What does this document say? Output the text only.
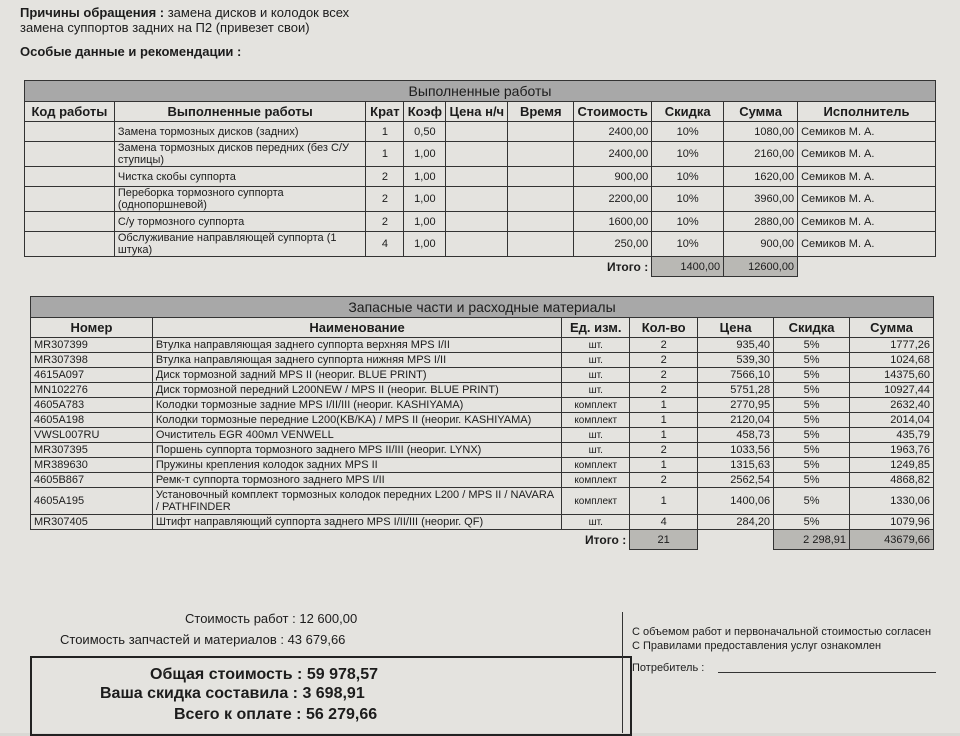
Причины обращения : замена дисков и колодок всех
замена суппортов задних на П2 (привезет свои)
Особые данные и рекомендации :
Выполненные работы									
Код работы	Выполненные работы	Крат	Коэф	Цена н/ч	Время	Стоимость	Скидка	Сумма	Исполнитель
	Замена тормозных дисков (задних)	1	0,50			2400,00	10%	1080,00	Семиков М. А.
	Замена тормозных дисков передних (без С/У ступицы)	1	1,00			2400,00	10%	2160,00	Семиков М. А.
	Чистка скобы суппорта	2	1,00			900,00	10%	1620,00	Семиков М. А.
	Переборка тормозного суппорта (однопоршневой)	2	1,00			2200,00	10%	3960,00	Семиков М. А.
	С/у тормозного суппорта	2	1,00			1600,00	10%	2880,00	Семиков М. А.
	Обслуживание направляющей суппорта (1 штука)	4	1,00			250,00	10%	900,00	Семиков М. А.
						Итого :	1400,00	12600,00	
Запасные части и расходные материалы						
Номер	Наименование	Ед. изм.	Кол-во	Цена	Скидка	Сумма
MR307399	Втулка направляющая заднего суппорта верхняя MPS I/II	шт.	2	935,40	5%	1777,26
MR307398	Втулка направляющая заднего суппорта нижняя MPS I/II	шт.	2	539,30	5%	1024,68
4615A097	Диск тормозной задний MPS II (неориг. BLUE PRINT)	шт.	2	7566,10	5%	14375,60
MN102276	Диск тормозной передний L200NEW / MPS II (неориг. BLUE PRINT)	шт.	2	5751,28	5%	10927,44
4605A783	Колодки тормозные задние MPS I/II/III (неориг. KASHIYAMA)	комплект	1	2770,95	5%	2632,40
4605A198	Колодки тормозные передние L200(KB/KA) / MPS II (неориг. KASHIYAMA)	комплект	1	2120,04	5%	2014,04
VWSL007RU	Очиститель EGR 400мл VENWELL	шт.	1	458,73	5%	435,79
MR307395	Поршень суппорта тормозного заднего MPS II/III (неориг. LYNX)	шт.	2	1033,56	5%	1963,76
MR389630	Пружины крепления колодок задних MPS II	комплект	1	1315,63	5%	1249,85
4605B867	Ремк-т суппорта тормозного заднего MPS I/II	комплект	2	2562,54	5%	4868,82
4605A195	Установочный комплект тормозных колодок передних L200 / MPS II / NAVARA / PATHFINDER	комплект	1	1400,06	5%	1330,06
MR307405	Штифт направляющий суппорта заднего MPS I/II/III (неориг. QF)	шт.	4	284,20	5%	1079,96
		Итого :	21		2 298,91	43679,66
Стоимость работ : 12 600,00
Стоимость запчастей и материалов : 43 679,66
Общая стоимость : 59 978,57
Ваша скидка составила : 3 698,91
Всего к оплате : 56 279,66
С объемом работ и первоначальной стоимостью согласен
С Правилами предоставления услуг ознакомлен
Потребитель :
